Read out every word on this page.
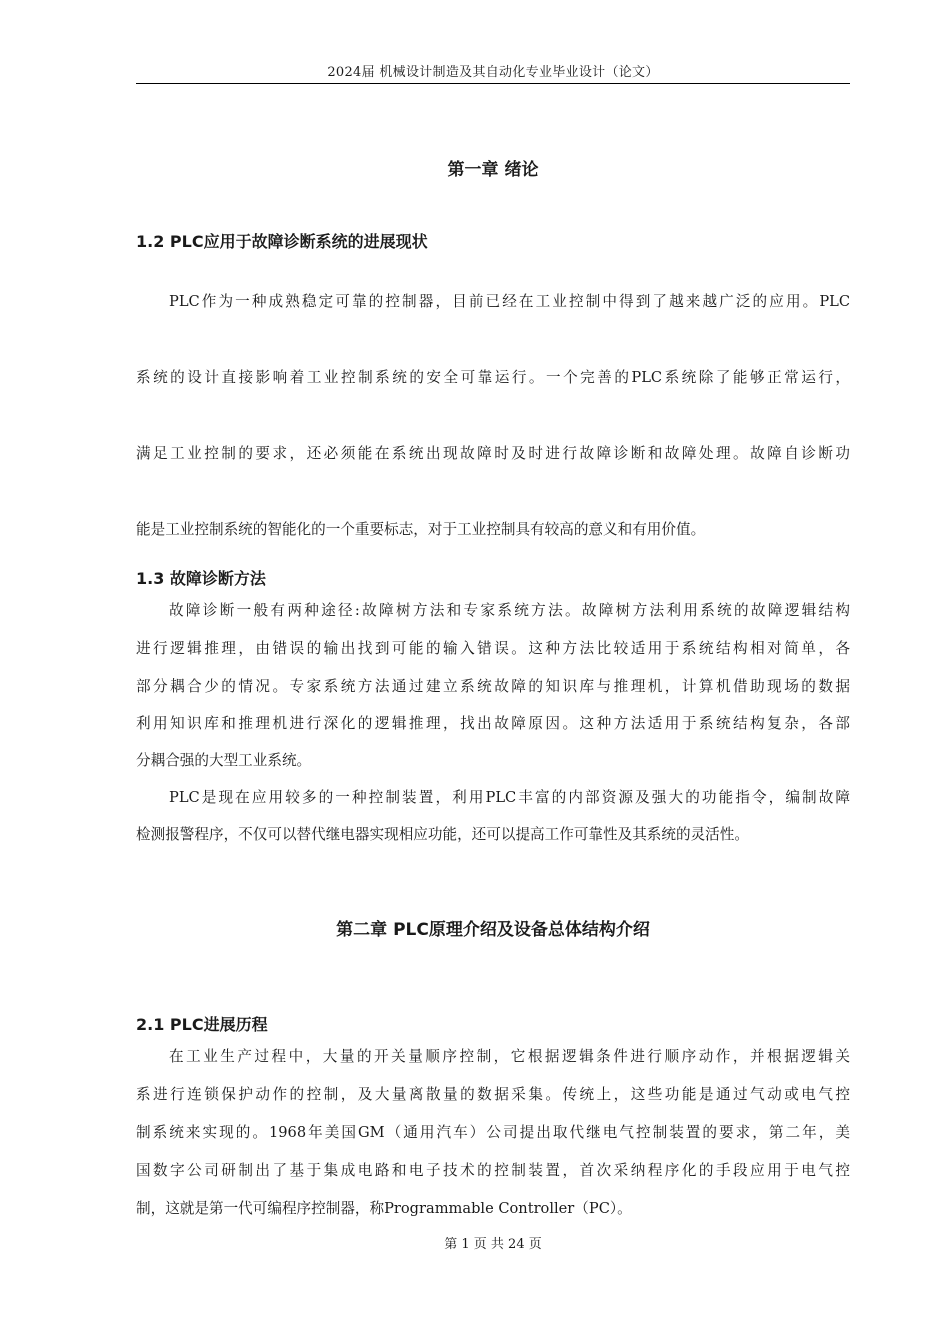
2024届 机械设计制造及其自动化专业毕业设计（论文）
第一章 绪论
1.2 PLC应用于故障诊断系统的进展现状
PLC作为一种成熟稳定可靠的控制器，目前已经在工业控制中得到了越来越广泛的应用。PLC
系统的设计直接影响着工业控制系统的安全可靠运行。一个完善的PLC系统除了能够正常运行，
满足工业控制的要求，还必须能在系统出现故障时及时进行故障诊断和故障处理。故障自诊断功
能是工业控制系统的智能化的一个重要标志，对于工业控制具有较高的意义和有用价值。
1.3 故障诊断方法
故障诊断一般有两种途径:故障树方法和专家系统方法。故障树方法利用系统的故障逻辑结构
进行逻辑推理，由错误的输出找到可能的输入错误。这种方法比较适用于系统结构相对简单，各
部分耦合少的情况。专家系统方法通过建立系统故障的知识库与推理机，计算机借助现场的数据
利用知识库和推理机进行深化的逻辑推理，找出故障原因。这种方法适用于系统结构复杂，各部
分耦合强的大型工业系统。
PLC是现在应用较多的一种控制装置，利用PLC丰富的内部资源及强大的功能指令，编制故障
检测报警程序，不仅可以替代继电器实现相应功能，还可以提高工作可靠性及其系统的灵活性。
第二章 PLC原理介绍及设备总体结构介绍
2.1 PLC进展历程
在工业生产过程中，大量的开关量顺序控制，它根据逻辑条件进行顺序动作，并根据逻辑关
系进行连锁保护动作的控制，及大量离散量的数据采集。传统上，这些功能是通过气动或电气控
制系统来实现的。1968年美国GM（通用汽车）公司提出取代继电气控制装置的要求，第二年，美
国数字公司研制出了基于集成电路和电子技术的控制装置，首次采纳程序化的手段应用于电气控
制，这就是第一代可编程序控制器，称Programmable Controller（PC）。
第 1 页 共 24 页
